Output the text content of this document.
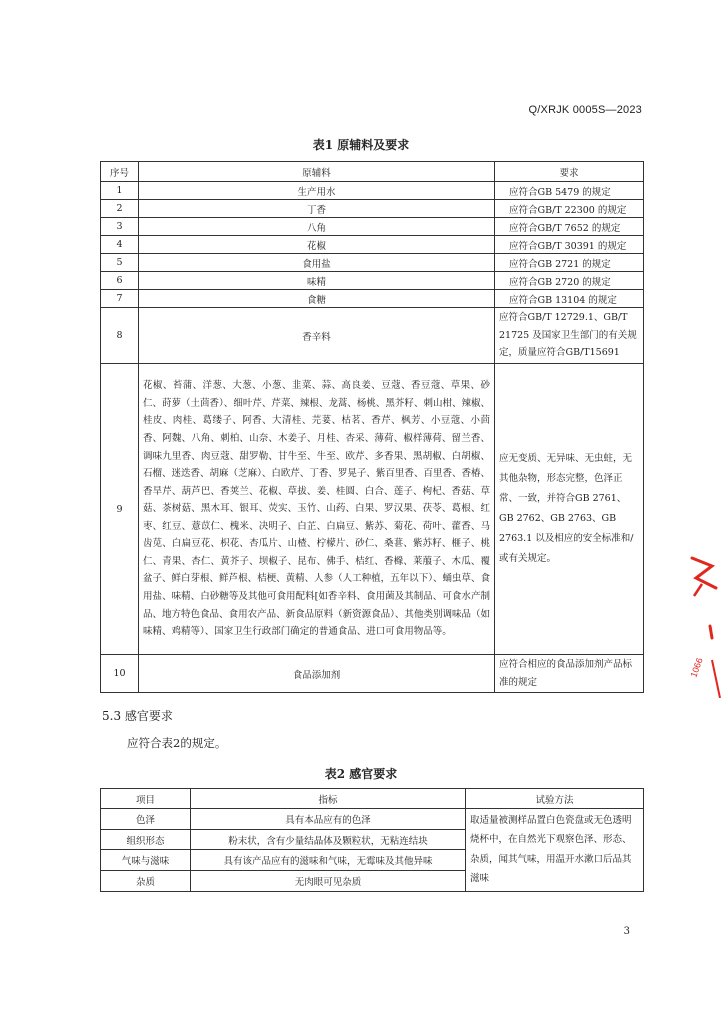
Q/XRJK 0005S—2023
表1 原辅料及要求
序号	原辅料	要求
1	生产用水	应符合GB 5479 的规定
2	丁香	应符合GB/T 22300 的规定
3	八角	应符合GB/T 7652 的规定
4	花椒	应符合GB/T 30391 的规定
5	食用盐	应符合GB 2721 的规定
6	味精	应符合GB 2720 的规定
7	食糖	应符合GB 13104 的规定
8	香辛料	应符合GB/T 12729.1、GB/T 21725 及国家卫生部门的有关规定，质量应符合GB/T15691
9	花椒、苔蒲、洋葱、大葱、小葱、韭菜、蒜、高良姜、豆蔻、香豆蔻、草果、砂仁、莳萝（土茴香）、细叶芹、芹菜、辣根、龙蒿、杨桃、黑芥籽、刺山柑、辣椒、桂皮、肉桂、葛缕子、阿香、大清桂、芫荽、枯茗、香芹、枫芳、小豆蔻、小茴香、阿魏、八角、刺柏、山奈、木姜子、月桂、杏采、薄荷、椒样薄荷、留兰香、调味九里香、肉豆蔻、甜罗勒、甘牛至、牛至、欧芹、多香果、黑胡椒、白胡椒、石榴、迷迭香、胡麻（芝麻）、白欧芹、丁香、罗晃子、紫百里香、百里香、香椿、香旱芹、葫芦巴、香荚兰、花椒、草拔、姜、桂圆、白合、莲子、枸杞、香菇、草菇、茶树菇、黑木耳、银耳、荧实、玉竹、山药、白果、罗汉果、茯苓、葛根、红枣、红豆、薏苡仁、槐米、决明子、白芷、白扁豆、紫苏、菊花、荷叶、藿香、马齿苋、白扁豆花、枳花、杏瓜片、山楂、柠檬片、砂仁、桑葚、紫苏籽、榧子、桃仁、青果、杏仁、黄芥子、坝椒子、昆布、佛手、桔红、香橼、莱菔子、木瓜、覆盆子、鲜白芽根、鲜芦根、桔梗、黄精、人参（人工种植，五年以下）、蛹虫草、食用盐、味精、白砂糖等及其他可食用配料[如香辛料、食用菌及其制品、可食水产制品、地方特色食品、食用农产品、新食品原料（新资源食品）、其他类别调味品（如味精、鸡精等）、国家卫生行政部门确定的普通食品、进口可食用物品等。	应无变质、无异味、无虫蛀，无其他杂物，形态完整，色泽正常、一致，并符合GB 2761、GB 2762、GB 2763、GB 2763.1 以及相应的安全标准和/或有关规定。
10	食品添加剂	应符合相应的食品添加剂产品标准的规定
5.3 感官要求
应符合表2的规定。
表2 感官要求
项目	指标	试验方法
色泽	具有本品应有的色泽	取适量被测样品置白色瓷盘或无色透明烧杯中，在自然光下观察色泽、形态、杂质，闻其气味，用温开水漱口后品其滋味
组织形态	粉末状，含有少量结晶体及颗粒状，无粘连结块	
气味与滋味	具有该产品应有的滋味和气味，无霉味及其他异味	
杂质	无肉眼可见杂质	
3
1066
